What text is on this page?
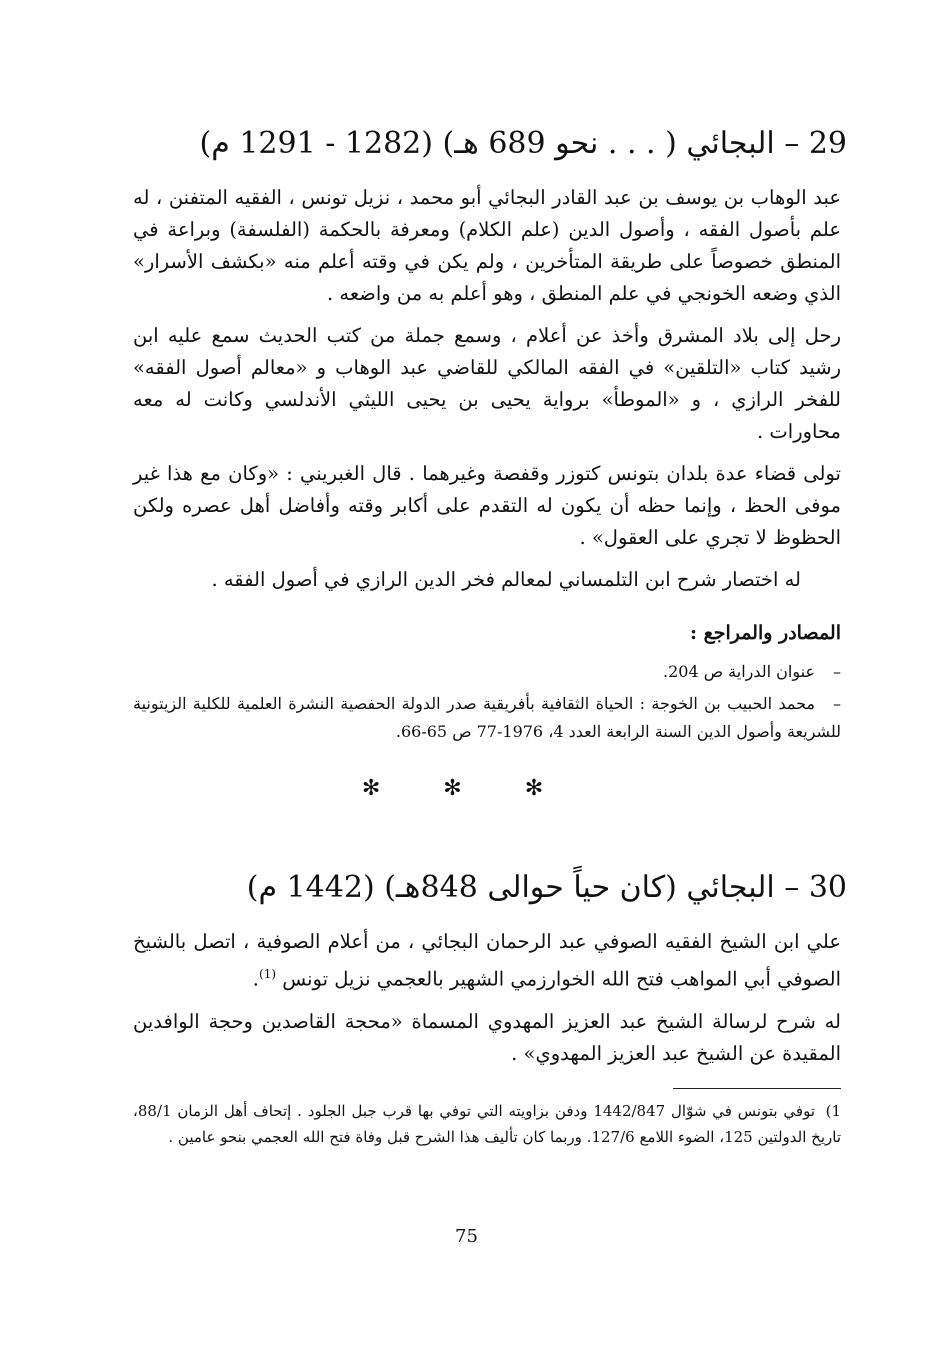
29 – البجائي ( . . . نحو 689 هـ) (1282 - 1291 م)

عبد الوهاب بن يوسف بن عبد القادر البجائي أبو محمد ، نزيل تونس ، الفقيه المتفنن ، له علم بأصول الفقه ، وأصول الدين (علم الكلام) ومعرفة بالحكمة (الفلسفة) وبراعة في المنطق خصوصاً على طريقة المتأخرين ، ولم يكن في وقته أعلم منه «بكشف الأسرار» الذي وضعه الخونجي في علم المنطق ، وهو أعلم به من واضعه .

رحل إلى بلاد المشرق وأخذ عن أعلام ، وسمع جملة من كتب الحديث سمع عليه ابن رشيد كتاب «التلقين» في الفقه المالكي للقاضي عبد الوهاب و «معالم أصول الفقه» للفخر الرازي ، و «الموطأ» برواية يحيى بن يحيى الليثي الأندلسي وكانت له معه محاورات .

تولى قضاء عدة بلدان بتونس كتوزر وقفصة وغيرهما . قال الغبريني : «وكان مع هذا غير موفى الحظ ، وإنما حظه أن يكون له التقدم على أكابر وقته وأفاضل أهل عصره ولكن الحظوظ لا تجري على العقول» .

له اختصار شرح ابن التلمساني لمعالم فخر الدين الرازي في أصول الفقه .

المصادر والمراجع :
–عنوان الدراية ص 204.
–محمد الحبيب بن الخوجة : الحياة الثقافية بأفريقية صدر الدولة الحفصية النشرة العلمية للكلية الزيتونية للشريعة وأصول الدين السنة الرابعة العدد 4، 1976-77 ص 65-66.
✻ ✻ ✻
30 – البجائي (كان حياً حوالى 848هـ) (1442 م)

علي ابن الشيخ الفقيه الصوفي عبد الرحمان البجائي ، من أعلام الصوفية ، اتصل بالشيخ الصوفي أبي المواهب فتح الله الخوارزمي الشهير بالعجمي نزيل تونس $^{(1)}$.

له شرح لرسالة الشيخ عبد العزيز المهدوي المسماة «محجة القاصدين وحجة الوافدين المقيدة عن الشيخ عبد العزيز المهدوي» .

1)توفي بتونس في شوّال 1442/847 ودفن بزاويته التي توفي بها قرب جبل الجلود . إتحاف أهل الزمان 88/1، تاريخ الدولتين 125، الضوء اللامع 127/6. وربما كان تأليف هذا الشرح قبل وفاة فتح الله العجمي بنحو عامين .
75
